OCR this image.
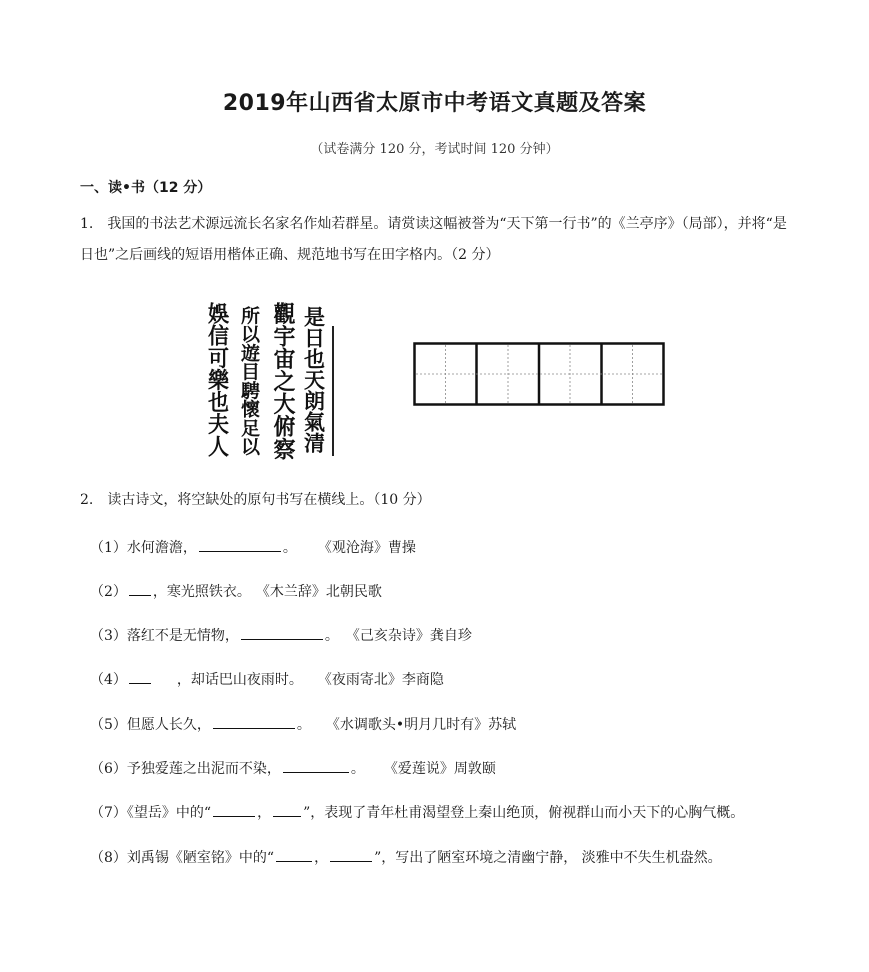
2019年山西省太原市中考语文真题及答案
（试卷满分 120 分，考试时间 120 分钟）
一、读•书（12 分）
1.　我国的书法艺术源远流长名家名作灿若群星。请赏读这幅被誉为“天下第一行书”的《兰亭序》（局部），并将“是日也”之后画线的短语用楷体正确、规范地书写在田字格内。（2 分）
是日也天朗氣清
觀宇宙之大俯察
所以遊目騁懷足以
娛信可樂也夫人
2.　读古诗文，将空缺处的原句书写在横线上。（10 分）
（1）水何澹澹，	。 《观沧海》曹操
（2） ，寒光照铁衣。 《木兰辞》北朝民歌
（3）落红不是无情物，	。 《己亥杂诗》龚自珍
（4）	，却话巴山夜雨时。 《夜雨寄北》李商隐
（5）但愿人长久，	。 《水调歌头•明月几时有》苏轼
（6）予独爱莲之出泥而不染，	。 《爱莲说》周敦颐
（7）《望岳》中的“	， ”，表现了青年杜甫渴望登上秦山绝顶，俯视群山而小天下的心胸气概。
（8）刘禹锡《陋室铭》中的“	，	”，写出了陋室环境之清幽宁静， 淡雅中不失生机盎然。
